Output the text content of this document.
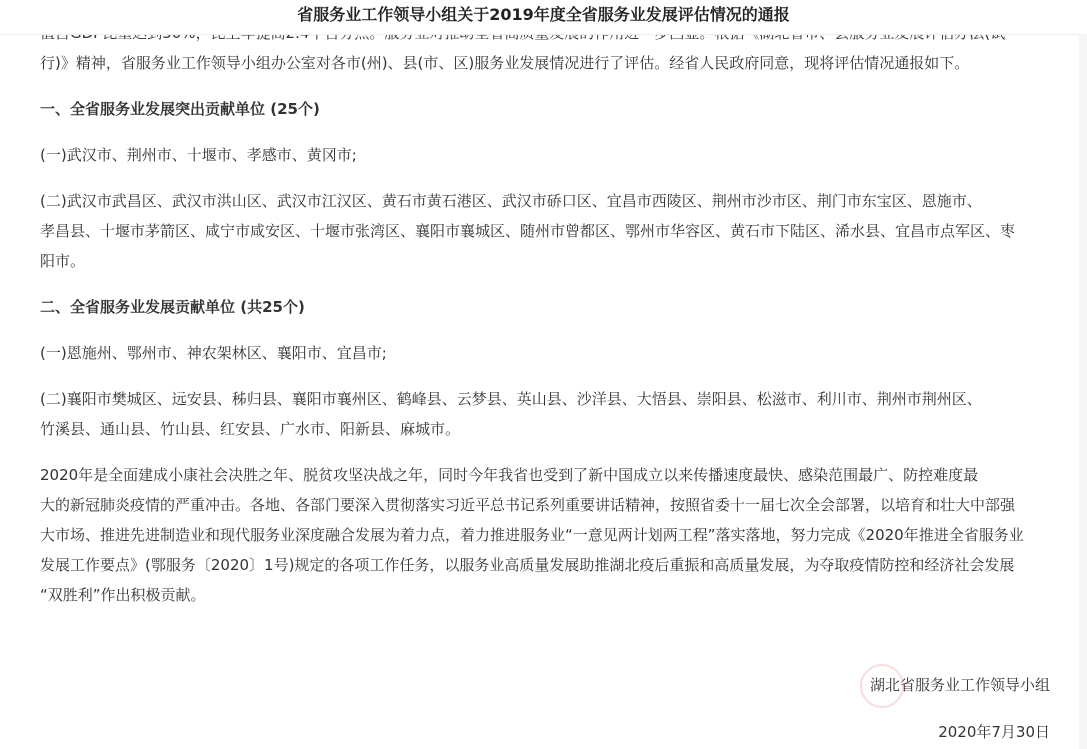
省服务业工作领导小组关于2019年度全省服务业发展评估情况的通报

行)》精神，省服务业工作领导小组办公室对各市(州)、县(市、区)服务业发展情况进行了评估。经省人民政府同意，现将评估情况通报如下。

一、全省服务业发展突出贡献单位 (25个)

(一)武汉市、荆州市、十堰市、孝感市、黄冈市;

(二)武汉市武昌区、武汉市洪山区、武汉市江汉区、黄石市黄石港区、武汉市硚口区、宜昌市西陵区、荆州市沙市区、荆门市东宝区、恩施市、

孝昌县、十堰市茅箭区、咸宁市咸安区、十堰市张湾区、襄阳市襄城区、随州市曾都区、鄂州市华容区、黄石市下陆区、浠水县、宜昌市点军区、枣

阳市。

二、全省服务业发展贡献单位 (共25个)

(一)恩施州、鄂州市、神农架林区、襄阳市、宜昌市;

(二)襄阳市樊城区、远安县、秭归县、襄阳市襄州区、鹤峰县、云梦县、英山县、沙洋县、大悟县、崇阳县、松滋市、利川市、荆州市荆州区、

竹溪县、通山县、竹山县、红安县、广水市、阳新县、麻城市。

2020年是全面建成小康社会决胜之年、脱贫攻坚决战之年，同时今年我省也受到了新中国成立以来传播速度最快、感染范围最广、防控难度最

大的新冠肺炎疫情的严重冲击。各地、各部门要深入贯彻落实习近平总书记系列重要讲话精神，按照省委十一届七次全会部署，以培育和壮大中部强

大市场、推进先进制造业和现代服务业深度融合发展为着力点，着力推进服务业“一意见两计划两工程”落实落地，努力完成《2020年推进全省服务业

发展工作要点》(鄂服务〔2020〕1号)规定的各项工作任务，以服务业高质量发展助推湖北疫后重振和高质量发展，为夺取疫情防控和经济社会发展

“双胜利”作出积极贡献。

湖北省服务业工作领导小组
2020年7月30日
